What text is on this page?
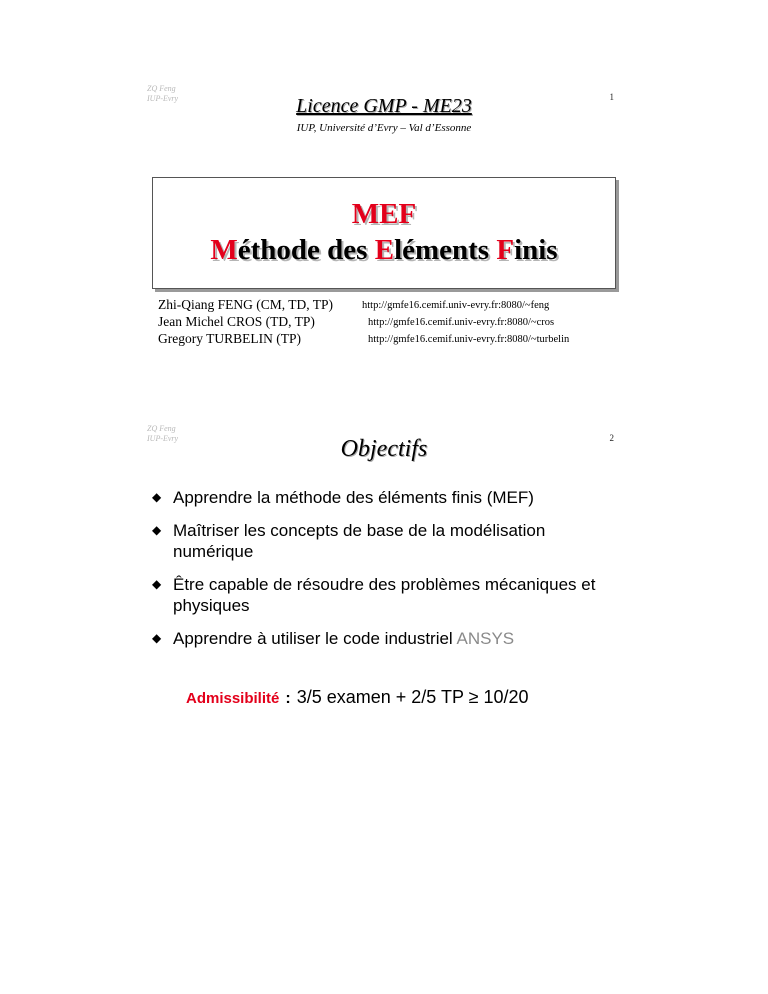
ZQ Feng
IUP-Evry	1
Licence GMP - ME23
IUP, Université d’Evry – Val d’Essonne
MEF
Méthode des Eléments Finis
Zhi-Qiang FENG (CM, TD, TP)	http://gmfe16.cemif.univ-evry.fr:8080/~feng
Jean Michel CROS (TD, TP)	http://gmfe16.cemif.univ-evry.fr:8080/~cros
Gregory TURBELIN (TP)	http://gmfe16.cemif.univ-evry.fr:8080/~turbelin
ZQ Feng
IUP-Evry	2
Objectifs
◆ Apprendre la méthode des éléments finis (MEF)
◆ Maîtriser les concepts de base de la modélisation numérique
◆ Être capable de résoudre des problèmes mécaniques et physiques
◆ Apprendre à utiliser le code industriel ANSYS
Admissibilité : 3/5 examen + 2/5 TP ≥ 10/20
